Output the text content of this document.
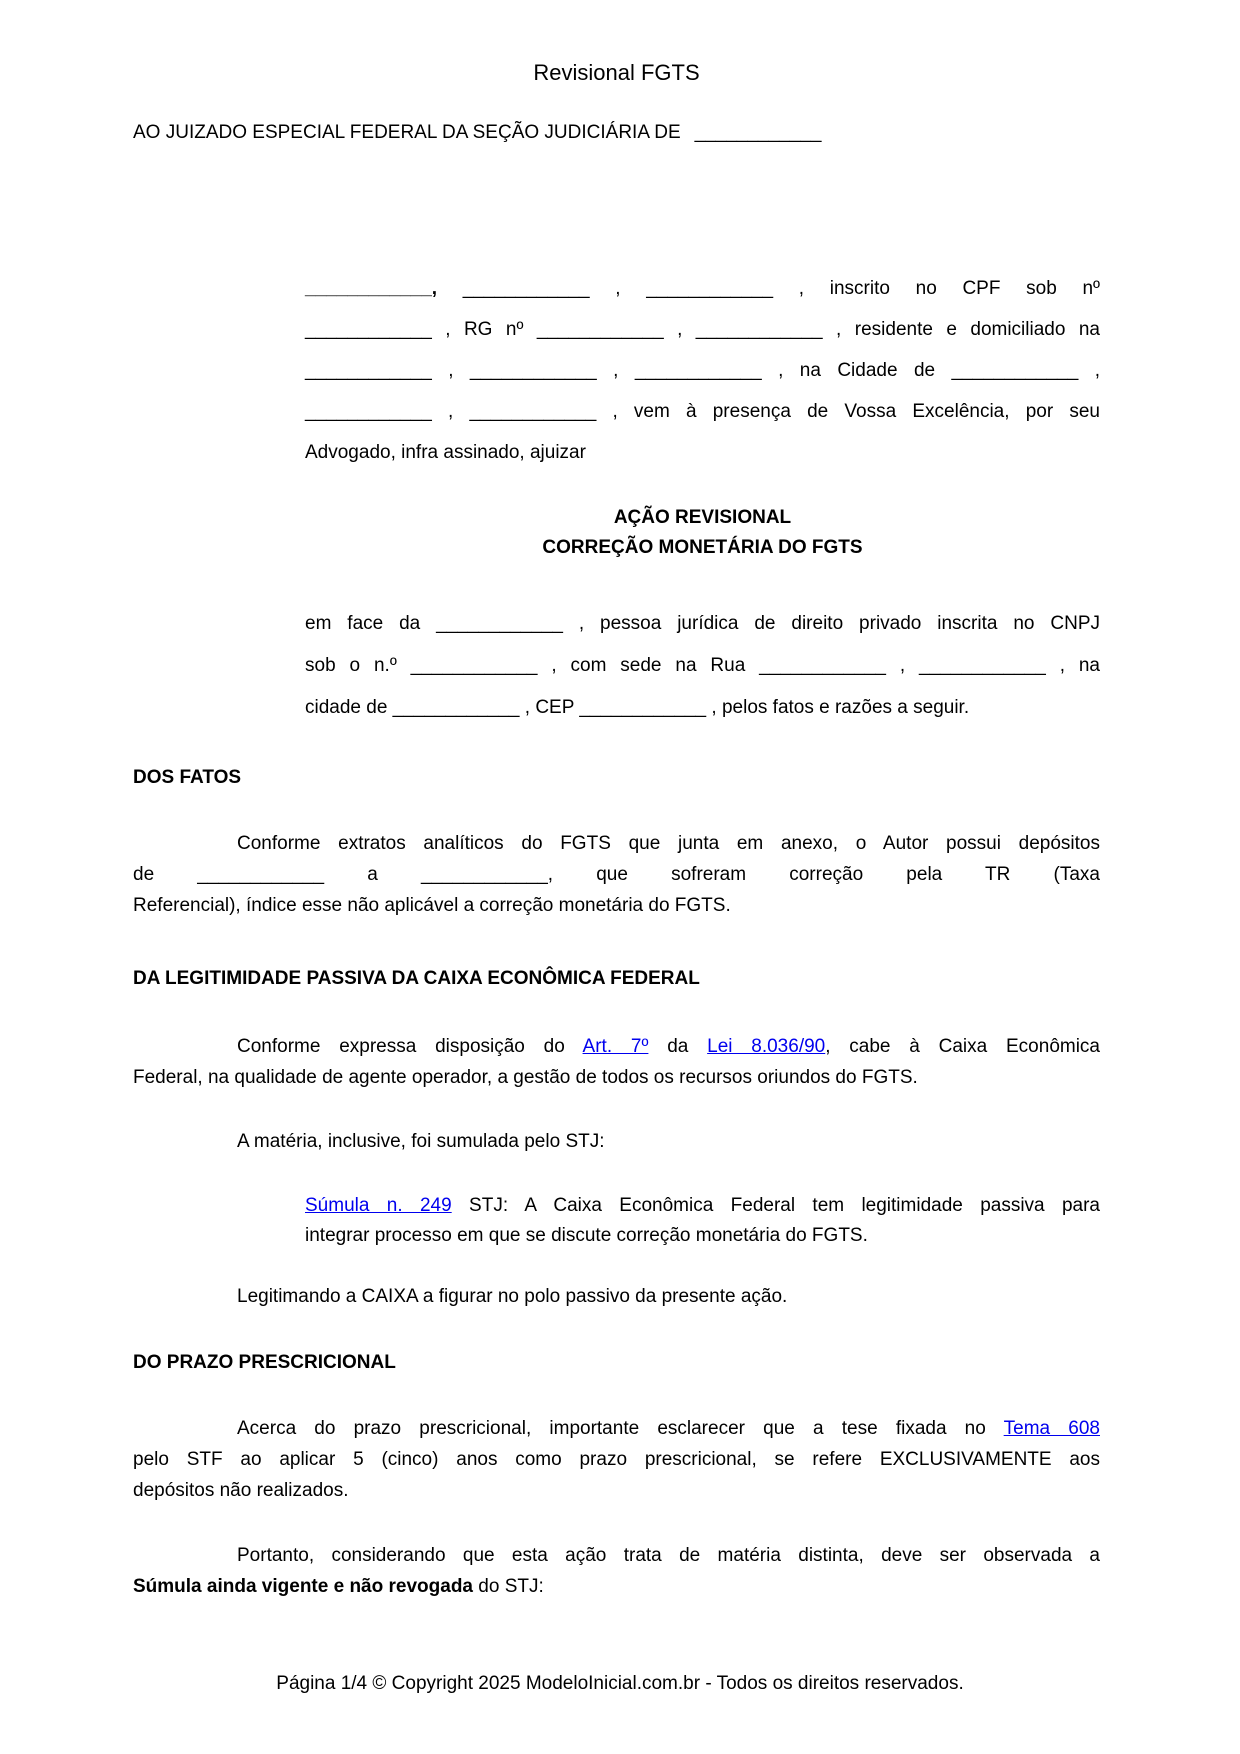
Revisional FGTS
AO JUIZADO ESPECIAL FEDERAL DA SEÇÃO JUDICIÁRIA DE ____________
____________, ____________ , ____________ , inscrito no CPF sob nº
____________ , RG nº ____________ , ____________ , residente e domiciliado na
____________ , ____________ , ____________ , na Cidade de ____________ ,
____________ , ____________ , vem à presença de Vossa Excelência, por seu
Advogado, infra assinado, ajuizar
AÇÃO REVISIONAL
CORREÇÃO MONETÁRIA DO FGTS
em face da ____________ , pessoa jurídica de direito privado inscrita no CNPJ
sob o n.º ____________ , com sede na Rua ____________ , ____________ , na
cidade de ____________ , CEP ____________ , pelos fatos e razões a seguir.
DOS FATOS
Conforme extratos analíticos do FGTS que junta em anexo, o Autor possui depósitos
de ____________ a ____________, que sofreram correção pela TR (Taxa
Referencial), índice esse não aplicável a correção monetária do FGTS.
DA LEGITIMIDADE PASSIVA DA CAIXA ECONÔMICA FEDERAL
Conforme expressa disposição do Art. 7º da Lei 8.036/90, cabe à Caixa Econômica
Federal, na qualidade de agente operador, a gestão de todos os recursos oriundos do FGTS.
A matéria, inclusive, foi sumulada pelo STJ:
Súmula n. 249 STJ: A Caixa Econômica Federal tem legitimidade passiva para
integrar processo em que se discute correção monetária do FGTS.
Legitimando a CAIXA a figurar no polo passivo da presente ação.
DO PRAZO PRESCRICIONAL
Acerca do prazo prescricional, importante esclarecer que a tese fixada no Tema 608
pelo STF ao aplicar 5 (cinco) anos como prazo prescricional, se refere EXCLUSIVAMENTE aos
depósitos não realizados.
Portanto, considerando que esta ação trata de matéria distinta, deve ser observada a
Súmula ainda vigente e não revogada do STJ:
Página 1/4 © Copyright 2025 ModeloInicial.com.br - Todos os direitos reservados.
